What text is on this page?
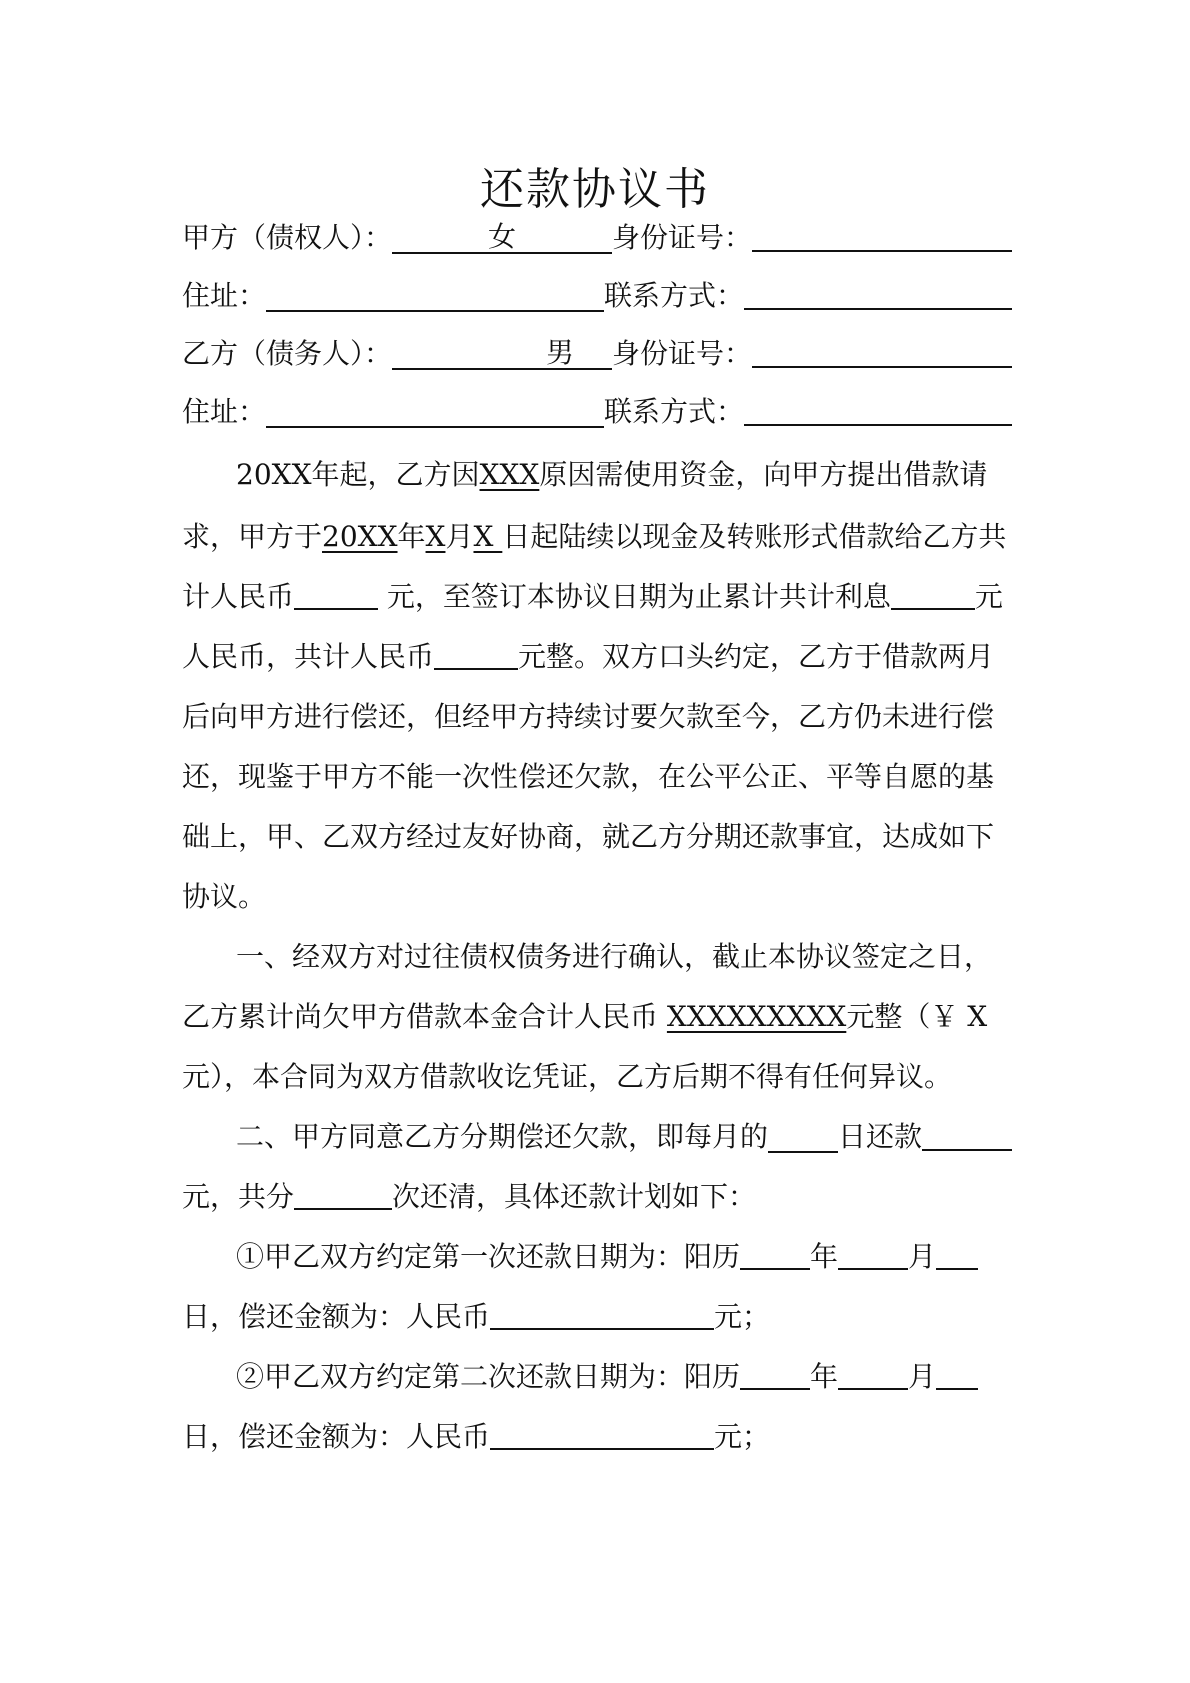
还款协议书
甲方（债权人）：	女	身份证号：
住址：	联系方式：
乙方（债务人）：	男	身份证号：
住址：	联系方式：
20XX年起，乙方因XXX原因需使用资金，向甲方提出借款请
求，甲方于20XX年X月X 日起陆续以现金及转账形式借款给乙方共
计人民币	元，至签订本协议日期为止累计共计利息	元
人民币，共计人民币	元整。双方口头约定，乙方于借款两月
后向甲方进行偿还，但经甲方持续讨要欠款至今，乙方仍未进行偿
还，现鉴于甲方不能一次性偿还欠款，在公平公正、平等自愿的基
础上，甲、乙双方经过友好协商，就乙方分期还款事宜，达成如下
协议。
一、经双方对过往债权债务进行确认，截止本协议签定之日，
乙方累计尚欠甲方借款本金合计人民币 XXXXXXXXX元整（￥ X
元），本合同为双方借款收讫凭证，乙方后期不得有任何异议。
二、甲方同意乙方分期偿还欠款，即每月的	日还款
元，共分	次还清，具体还款计划如下：
①甲乙双方约定第一次还款日期为：阳历	年	月
日，偿还金额为：人民币	元；
②甲乙双方约定第二次还款日期为：阳历	年	月
日，偿还金额为：人民币	元；
